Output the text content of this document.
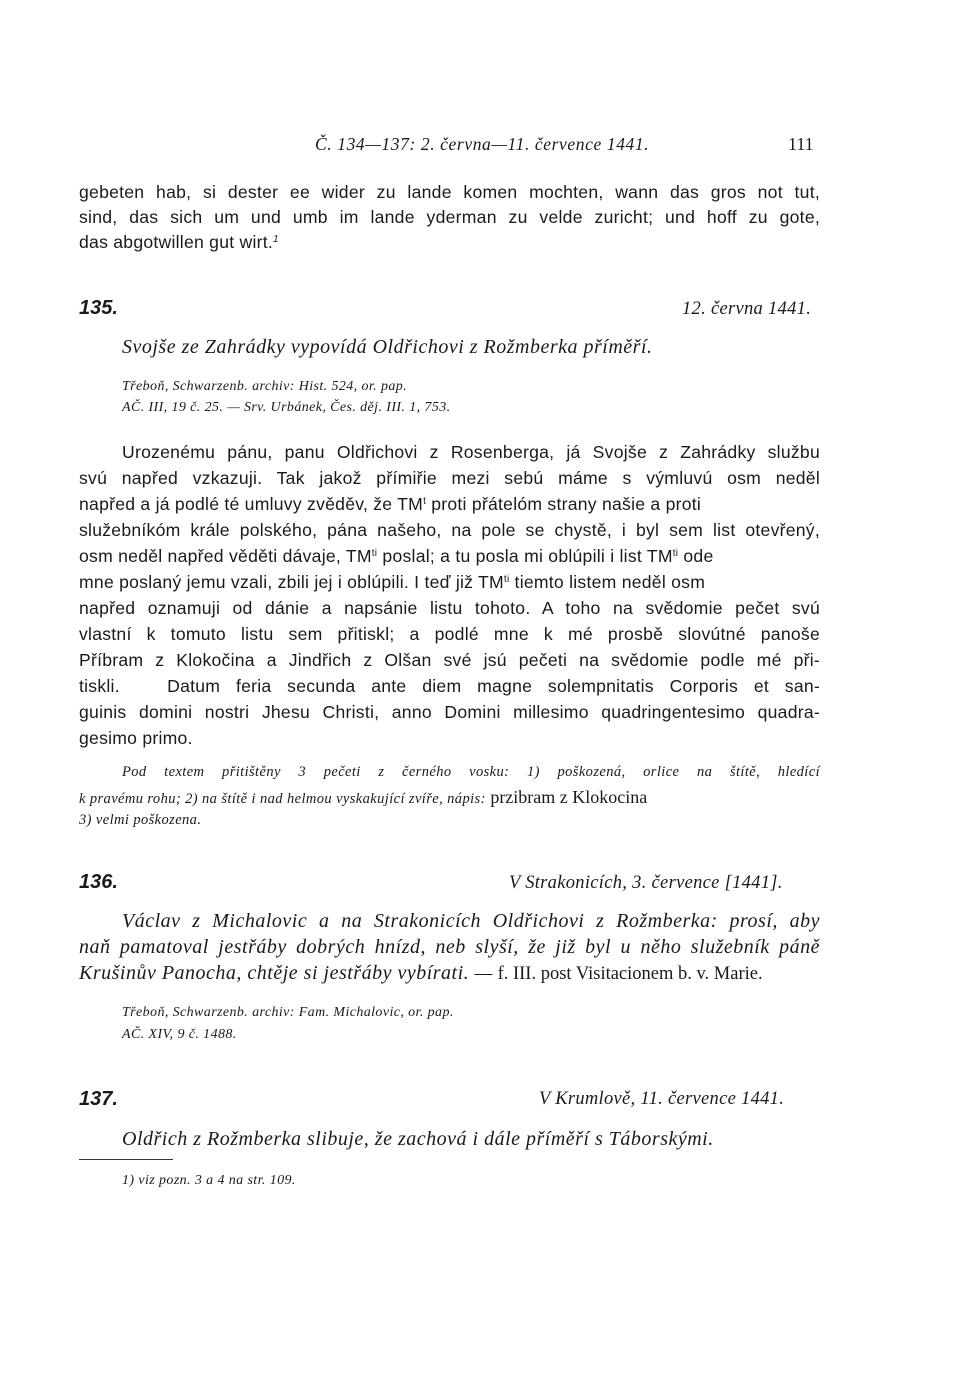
Č. 134—137: 2. června—11. července 1441.	111
gebeten hab, si dester ee wider zu lande komen mochten, wann das gros not tut,
sind, das sich um und umb im lande yderman zu velde zuricht; und hoff zu gote,
das abgotwillen gut wirt.$^1$
135.	12. června 1441.
Svojše ze Zahrádky vypovídá Oldřichovi z Rožmberka příměří.
Třeboň, Schwarzenb. archiv: Hist. 524, or. pap.
AČ. III, 19 č. 25. — Srv. Urbánek, Čes. děj. III. 1, 753.
Urozenému pánu, panu Oldřichovi z Rosenberga, já Svojše z Zahrádky službu
svú napřed vzkazuji. Tak jakož přímiřie mezi sebú máme s výmluvú osm neděl
napřed a já podlé té umluvy zvěděv, že $TM^t$ proti přátelóm strany našie a proti
služebníkóm krále polského, pána našeho, na pole se chystě, i byl sem list otevřený,
osm neděl napřed věděti dávaje, $TM^{ti}$ poslal; a tu posla mi oblúpili i list $TM^{ti}$ ode
mne poslaný jemu vzali, zbili jej i oblúpili. I teď již $TM^{ti}$ tiemto listem neděl osm
napřed oznamuji od dánie a napsánie listu tohoto. A toho na svědomie pečet svú
vlastní k tomuto listu sem přitiskl; a podlé mne k mé prosbě slovútné panoše
Příbram z Klokočina a Jindřich z Olšan své jsú pečeti na svědomie podle mé při-
tiskli.   Datum feria secunda ante diem magne solempnitatis Corporis et san-
guinis domini nostri Jhesu Christi, anno Domini millesimo quadringentesimo quadra-
gesimo primo.
Pod textem přitištěny 3 pečeti z černého vosku: 1) poškozená, orlice na štítě, hledící
k pravému rohu; 2) na štítě i nad helmou vyskakující zvíře, nápis: przibram z Klokocina
3) velmi poškozena.
136.	V Strakonicích, 3. července [1441].
Václav z Michalovic a na Strakonicích Oldřichovi z Rožmberka: prosí, aby
naň pamatoval jestřáby dobrých hnízd, neb slyší, že již byl u něho služebník páně
Krušinův Panocha, chtěje si jestřáby vybírati. — f. III. post Visitacionem b. v. Marie.
Třeboň, Schwarzenb. archiv: Fam. Michalovic, or. pap.
AČ. XIV, 9 č. 1488.
137.	V Krumlově, 11. července 1441.
Oldřich z Rožmberka slibuje, že zachová i dále příměří s Táborskými.
1) viz pozn. 3 a 4 na str. 109.
